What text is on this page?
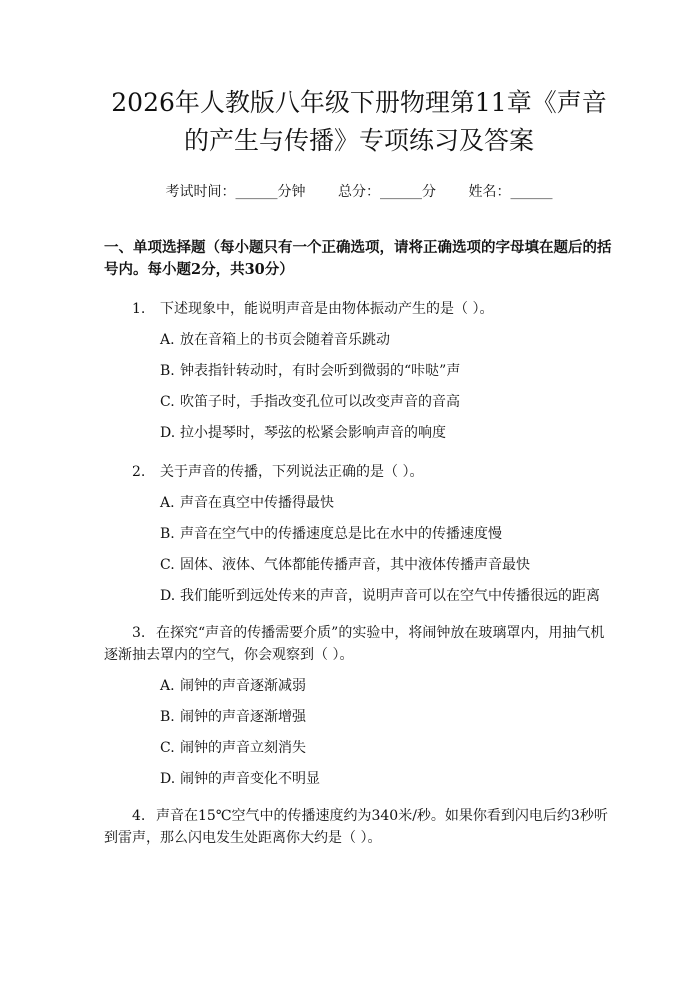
2026年人教版八年级下册物理第11章《声音的产生与传播》专项练习及答案
考试时间：______分钟 总分：______分 姓名：______
一、单项选择题（每小题只有一个正确选项，请将正确选项的字母填在题后的括号内。每小题2分，共30分）
1. 下述现象中，能说明声音是由物体振动产生的是（ ）。
A. 放在音箱上的书页会随着音乐跳动
B. 钟表指针转动时，有时会听到微弱的“咔哒”声
C. 吹笛子时，手指改变孔位可以改变声音的音高
D. 拉小提琴时，琴弦的松紧会影响声音的响度
2. 关于声音的传播，下列说法正确的是（ ）。
A. 声音在真空中传播得最快
B. 声音在空气中的传播速度总是比在水中的传播速度慢
C. 固体、液体、气体都能传播声音，其中液体传播声音最快
D. 我们能听到远处传来的声音，说明声音可以在空气中传播很远的距离
3. 在探究“声音的传播需要介质”的实验中，将闹钟放在玻璃罩内，用抽气机逐渐抽去罩内的空气，你会观察到（ ）。
A. 闹钟的声音逐渐减弱
B. 闹钟的声音逐渐增强
C. 闹钟的声音立刻消失
D. 闹钟的声音变化不明显
4. 声音在15℃空气中的传播速度约为340米/秒。如果你看到闪电后约3秒听到雷声，那么闪电发生处距离你大约是（ ）。
